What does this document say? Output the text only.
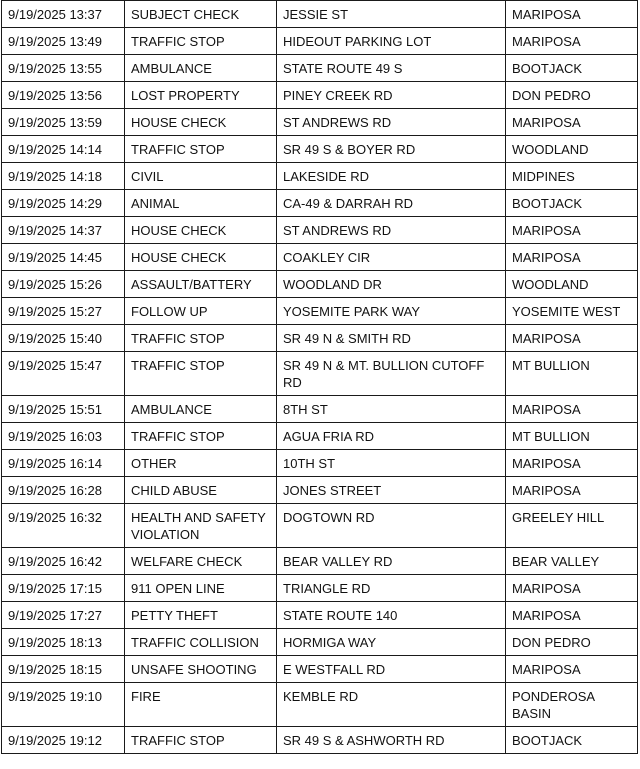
9/19/2025 13:37	SUBJECT CHECK	JESSIE ST	MARIPOSA
9/19/2025 13:49	TRAFFIC STOP	HIDEOUT PARKING LOT	MARIPOSA
9/19/2025 13:55	AMBULANCE	STATE ROUTE 49 S	BOOTJACK
9/19/2025 13:56	LOST PROPERTY	PINEY CREEK RD	DON PEDRO
9/19/2025 13:59	HOUSE CHECK	ST ANDREWS RD	MARIPOSA
9/19/2025 14:14	TRAFFIC STOP	SR 49 S & BOYER RD	WOODLAND
9/19/2025 14:18	CIVIL	LAKESIDE RD	MIDPINES
9/19/2025 14:29	ANIMAL	CA-49 & DARRAH RD	BOOTJACK
9/19/2025 14:37	HOUSE CHECK	ST ANDREWS RD	MARIPOSA
9/19/2025 14:45	HOUSE CHECK	COAKLEY CIR	MARIPOSA
9/19/2025 15:26	ASSAULT/BATTERY	WOODLAND DR	WOODLAND
9/19/2025 15:27	FOLLOW UP	YOSEMITE PARK WAY	YOSEMITE WEST
9/19/2025 15:40	TRAFFIC STOP	SR 49 N & SMITH RD	MARIPOSA
9/19/2025 15:47	TRAFFIC STOP	SR 49 N & MT. BULLION CUTOFF RD	MT BULLION
9/19/2025 15:51	AMBULANCE	8TH ST	MARIPOSA
9/19/2025 16:03	TRAFFIC STOP	AGUA FRIA RD	MT BULLION
9/19/2025 16:14	OTHER	10TH ST	MARIPOSA
9/19/2025 16:28	CHILD ABUSE	JONES STREET	MARIPOSA
9/19/2025 16:32	HEALTH AND SAFETY VIOLATION	DOGTOWN RD	GREELEY HILL
9/19/2025 16:42	WELFARE CHECK	BEAR VALLEY RD	BEAR VALLEY
9/19/2025 17:15	911 OPEN LINE	TRIANGLE RD	MARIPOSA
9/19/2025 17:27	PETTY THEFT	STATE ROUTE 140	MARIPOSA
9/19/2025 18:13	TRAFFIC COLLISION	HORMIGA WAY	DON PEDRO
9/19/2025 18:15	UNSAFE SHOOTING	E WESTFALL RD	MARIPOSA
9/19/2025 19:10	FIRE	KEMBLE RD	PONDEROSA BASIN
9/19/2025 19:12	TRAFFIC STOP	SR 49 S & ASHWORTH RD	BOOTJACK
